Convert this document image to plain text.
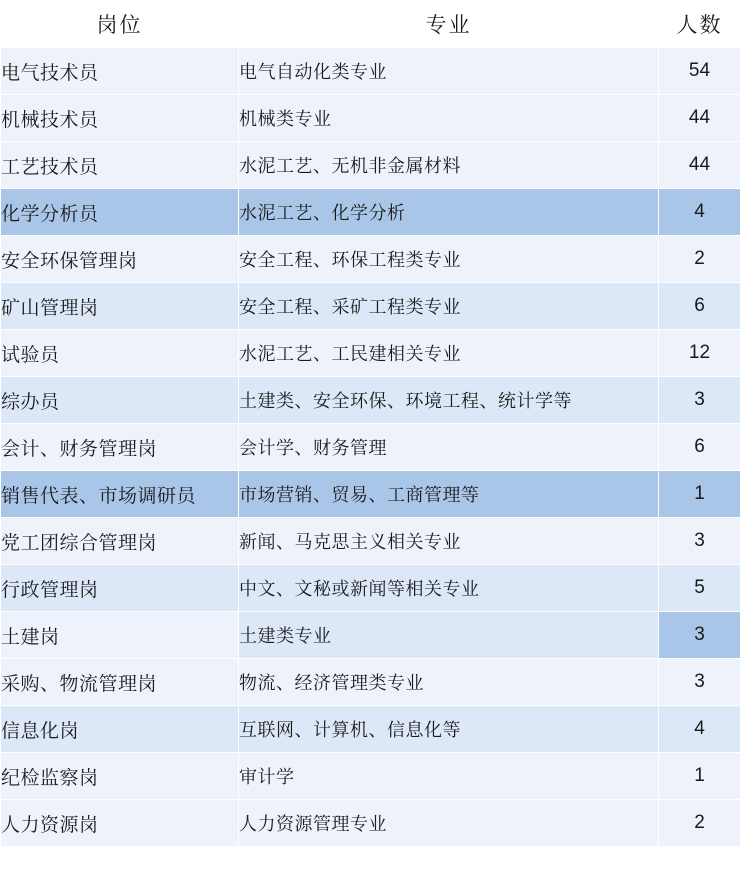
岗位	专业	人数
电气技术员	电气自动化类专业	54
机械技术员	机械类专业	44
工艺技术员	水泥工艺、无机非金属材料	44
化学分析员	水泥工艺、化学分析	4
安全环保管理岗	安全工程、环保工程类专业	2
矿山管理岗	安全工程、采矿工程类专业	6
试验员	水泥工艺、工民建相关专业	12
综办员	土建类、安全环保、环境工程、统计学等	3
会计、财务管理岗	会计学、财务管理	6
销售代表、市场调研员	市场营销、贸易、工商管理等	1
党工团综合管理岗	新闻、马克思主义相关专业	3
行政管理岗	中文、文秘或新闻等相关专业	5
土建岗	土建类专业	3
采购、物流管理岗	物流、经济管理类专业	3
信息化岗	互联网、计算机、信息化等	4
纪检监察岗	审计学	1
人力资源岗	人力资源管理专业	2
